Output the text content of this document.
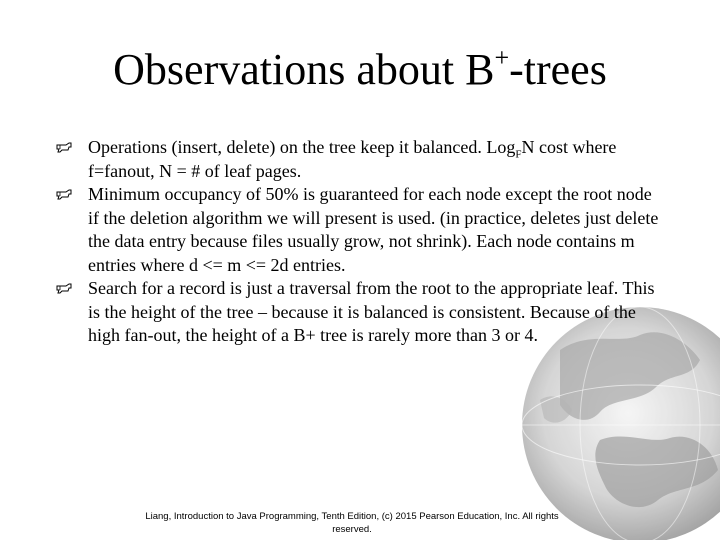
Observations about B+-trees
Operations (insert, delete) on the tree keep it balanced. Log$_F$N cost where f=fanout, N = # of leaf pages.
Minimum occupancy of 50% is guaranteed for each node except the root node if the deletion algorithm we will present is used. (in practice, deletes just delete the data entry because files usually grow, not shrink). Each node contains m entries where d <= m <= 2d entries.
Search for a record is just a traversal from the root to the appropriate leaf. This is the height of the tree – because it is balanced is consistent. Because of the high fan-out, the height of a B+ tree is rarely more than 3 or 4.
Liang, Introduction to Java Programming, Tenth Edition, (c) 2015 Pearson Education, Inc. All rights reserved.
